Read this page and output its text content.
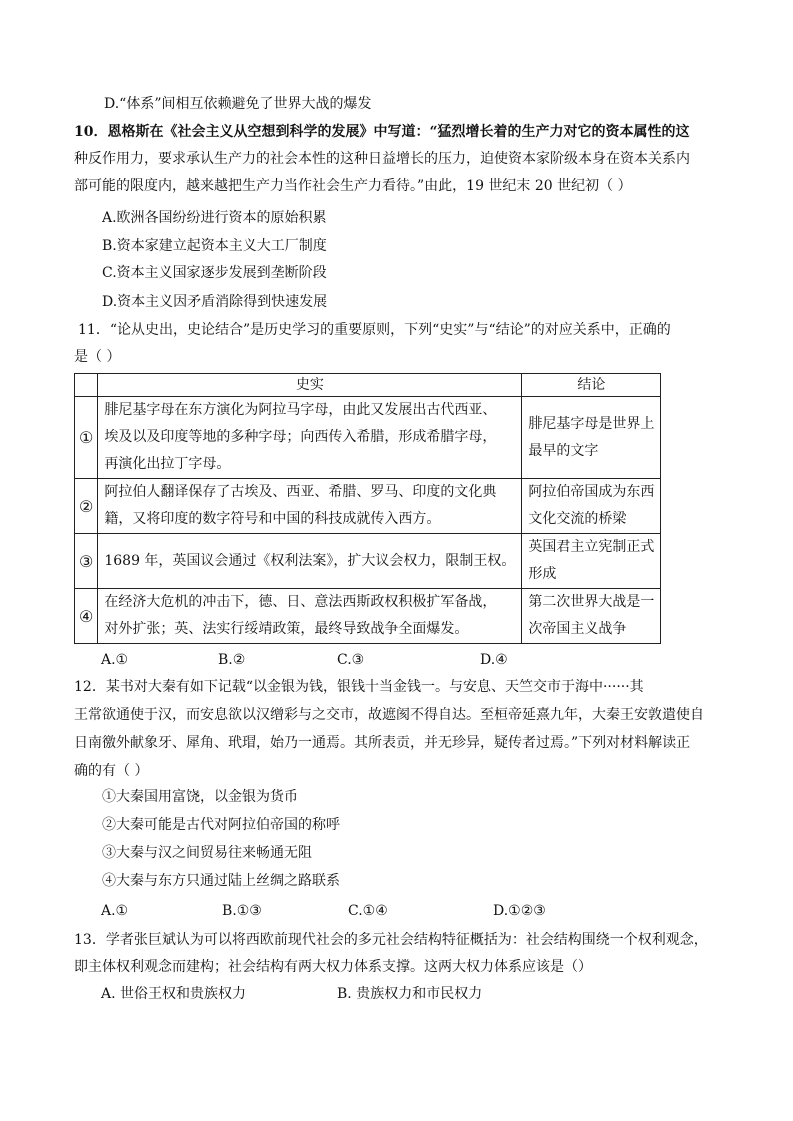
D.“体系”间相互依赖避免了世界大战的爆发
10．恩格斯在《社会主义从空想到科学的发展》中写道：“猛烈增长着的生产力对它的资本属性的这
种反作用力，要求承认生产力的社会本性的这种日益增长的压力，迫使资本家阶级本身在资本关系内
部可能的限度内，越来越把生产力当作社会生产力看待。”由此，19 世纪末 20 世纪初（ ）
A.欧洲各国纷纷进行资本的原始积累
B.资本家建立起资本主义大工厂制度
C.资本主义国家逐步发展到垄断阶段
D.资本主义因矛盾消除得到快速发展
11．“论从史出，史论结合”是历史学习的重要原则，下列“史实”与“结论”的对应关系中，正确的
是（ ）
	史实	结论
①	腓尼基字母在东方演化为阿拉马字母，由此又发展出古代西亚、
埃及以及印度等地的多种字母；向西传入希腊，形成希腊字母，
再演化出拉丁字母。	腓尼基字母是世界上
最早的文字

②	阿拉伯人翻译保存了古埃及、西亚、希腊、罗马、印度的文化典
籍，又将印度的数字符号和中国的科技成就传入西方。	阿拉伯帝国成为东西
文化交流的桥梁

③	1689 年，英国议会通过《权利法案》，扩大议会权力，限制王权。	英国君主立宪制正式
形成

④	在经济大危机的冲击下，德、日、意法西斯政权积极扩军备战，
对外扩张；英、法实行绥靖政策，最终导致战争全面爆发。	第二次世界大战是一
次帝国主义战争
A.①	B.②	C.③	D.④
12．某书对大秦有如下记载“以金银为钱，银钱十当金钱一。与安息、天竺交市于海中······其
王常欲通使于汉，而安息欲以汉缯彩与之交市，故遮阂不得自达。至桓帝延熹九年，大秦王安敦遣使自
日南徼外献象牙、犀角、玳瑁，始乃一通焉。其所表贡，并无珍异，疑传者过焉。”下列对材料解读正
确的有（ ）
①大秦国用富饶，以金银为货币
②大秦可能是古代对阿拉伯帝国的称呼
③大秦与汉之间贸易往来畅通无阻
④大秦与东方只通过陆上丝绸之路联系
A.①	B.①③	C.①④	D.①②③
13．学者张巨斌认为可以将西欧前现代社会的多元社会结构特征概括为：社会结构围绕一个权利观念，
即主体权利观念而建构；社会结构有两大权力体系支撑。这两大权力体系应该是（）
A. 世俗王权和贵族权力	B. 贵族权力和市民权力
